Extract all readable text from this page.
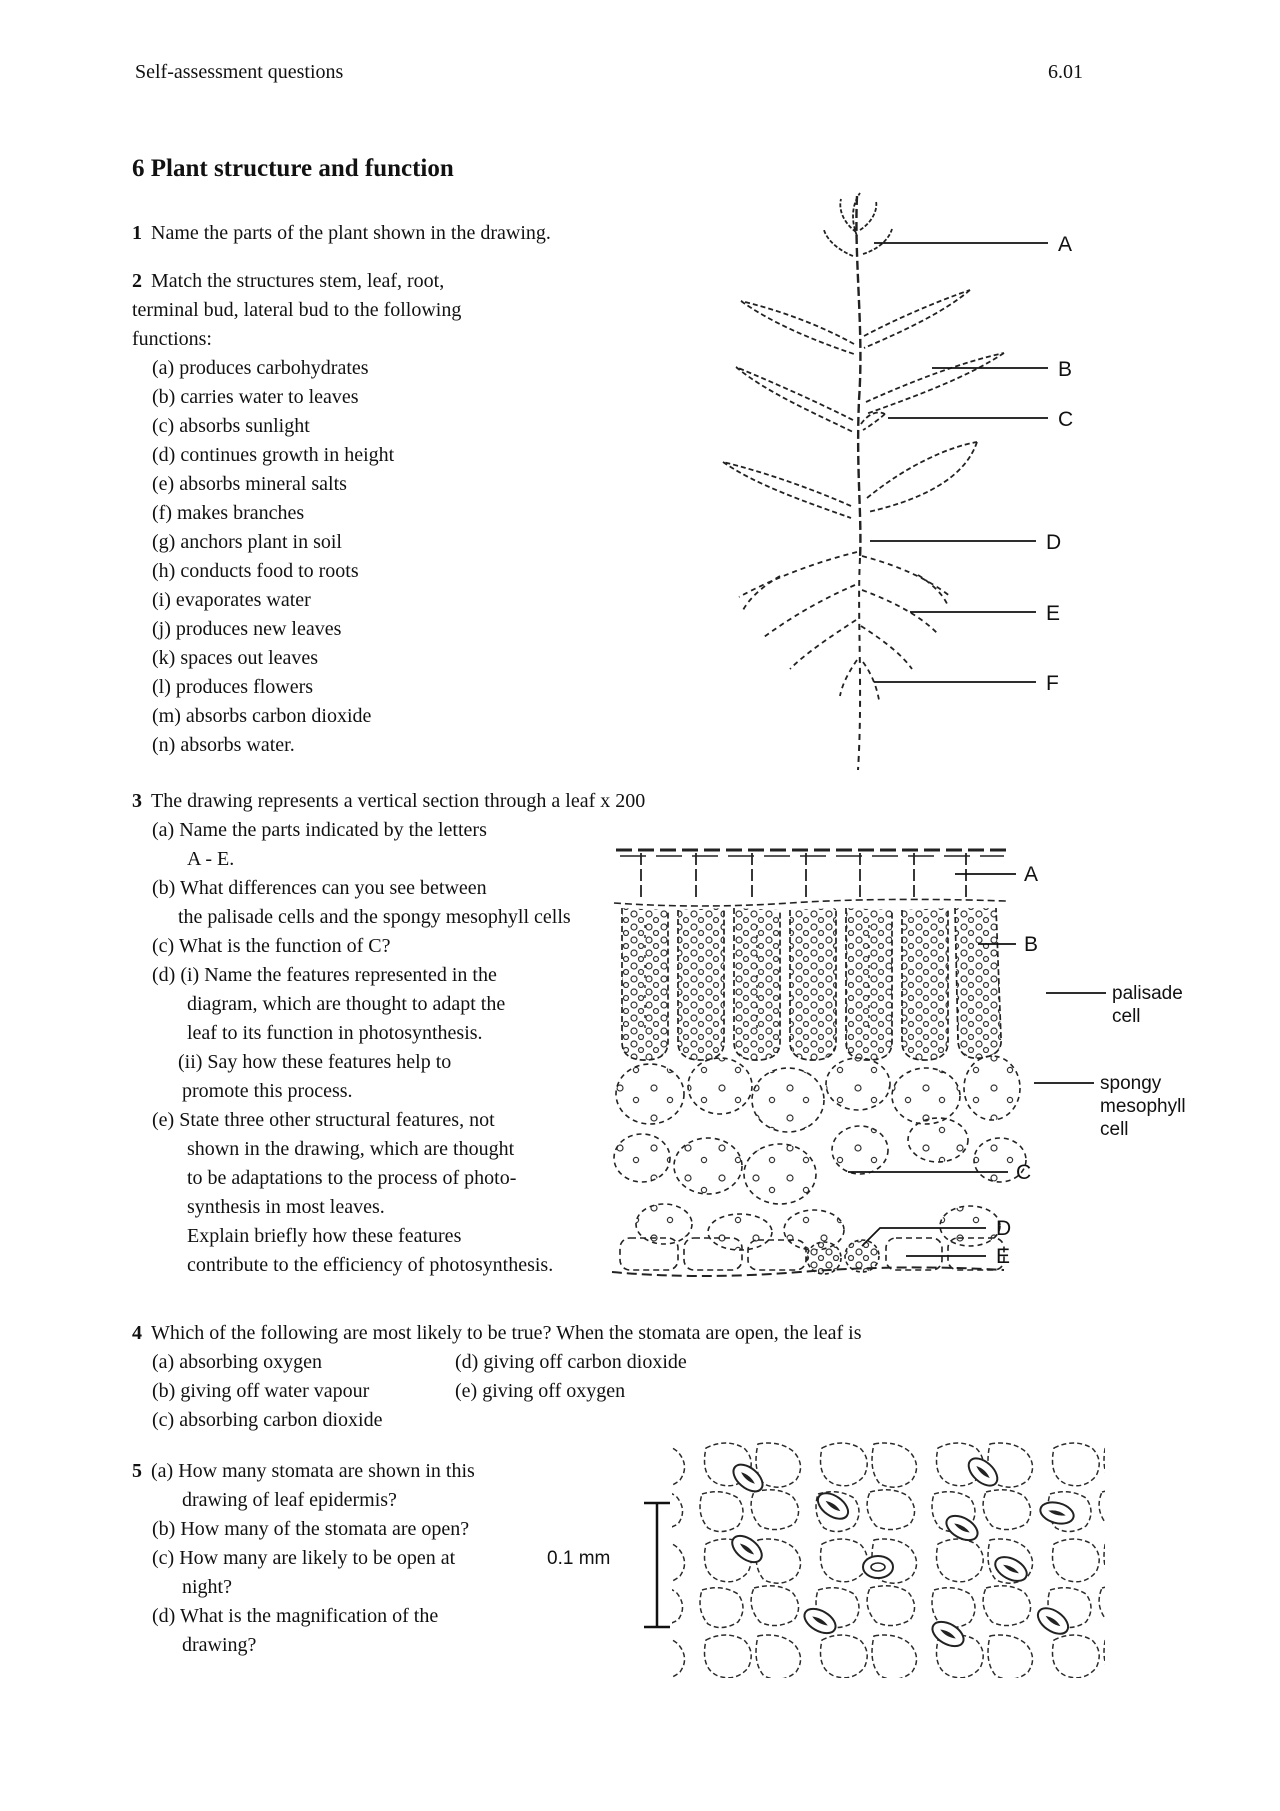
Self-assessment questions	6.01
6 Plant structure and function
1 Name the parts of the plant shown in the drawing.
2 Match the structures stem, leaf, root,
terminal bud, lateral bud to the following
functions:
(a) produces carbohydrates
(b) carries water to leaves
(c) absorbs sunlight
(d) continues growth in height
(e) absorbs mineral salts
(f) makes branches
(g) anchors plant in soil
(h) conducts food to roots
(i) evaporates water
(j) produces new leaves
(k) spaces out leaves
(l) produces flowers
(m) absorbs carbon dioxide
(n) absorbs water.
A
B
C
D
E
F
3 The drawing represents a vertical section through a leaf x 200
(a) Name the parts indicated by the letters
A - E.
(b) What differences can you see between
the palisade cells and the spongy mesophyll cells
(c) What is the function of C?
(d) (i) Name the features represented in the
diagram, which are thought to adapt the
leaf to its function in photosynthesis.
(ii) Say how these features help to
promote this process.
(e) State three other structural features, not
shown in the drawing, which are thought
to be adaptations to the process of photo-
synthesis in most leaves.
Explain briefly how these features
contribute to the efficiency of photosynthesis.
A
B
palisade
cell
spongy
mesophyll
cell
C
D
E
4 Which of the following are most likely to be true? When the stomata are open, the leaf is
(a) absorbing oxygen	(d) giving off carbon dioxide
(b) giving off water vapour	(e) giving off oxygen
(c) absorbing carbon dioxide
5 (a) How many stomata are shown in this
drawing of leaf epidermis?
(b) How many of the stomata are open?
(c) How many are likely to be open at
night?
(d) What is the magnification of the
drawing?
0.1 mm
